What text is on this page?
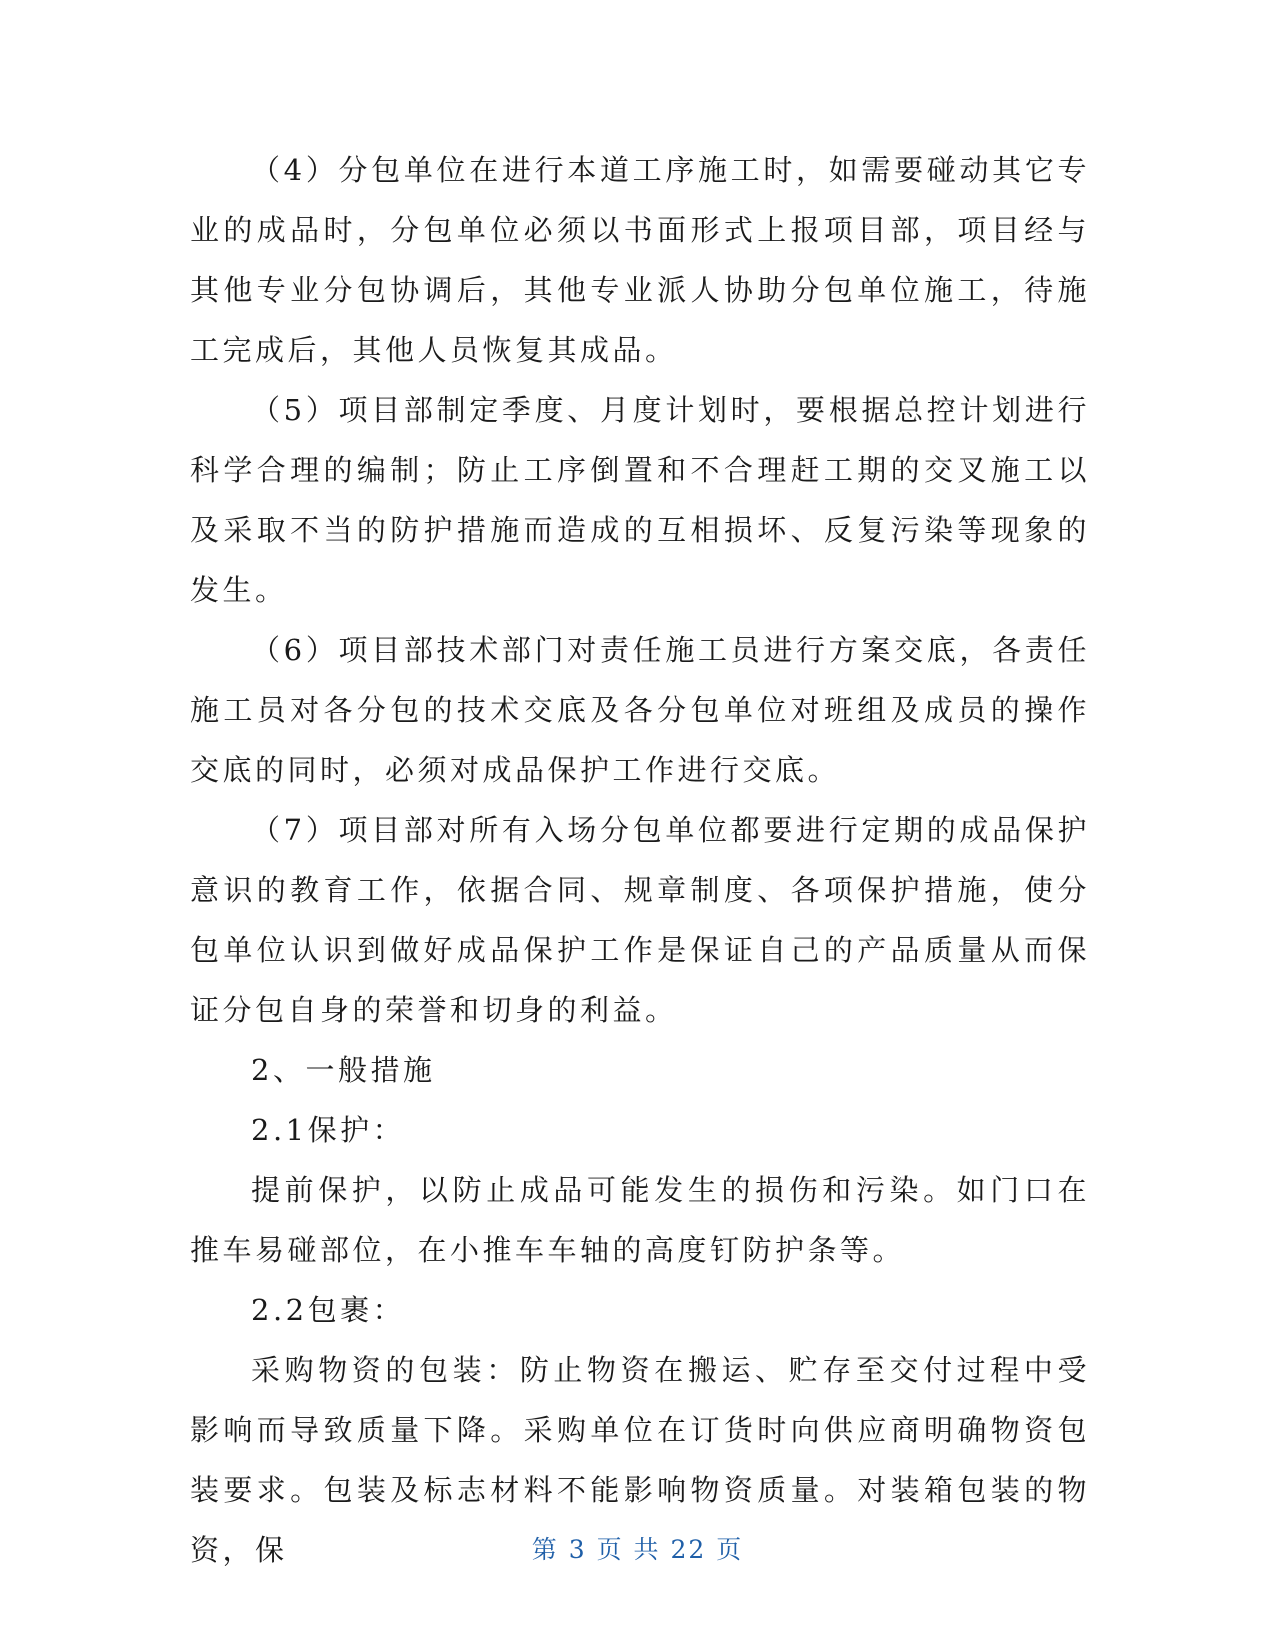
（4）分包单位在进行本道工序施工时，如需要碰动其它专业的成品时，分包单位必须以书面形式上报项目部，项目经与其他专业分包协调后，其他专业派人协助分包单位施工，待施工完成后，其他人员恢复其成品。

（5）项目部制定季度、月度计划时，要根据总控计划进行科学合理的编制；防止工序倒置和不合理赶工期的交叉施工以及采取不当的防护措施而造成的互相损坏、反复污染等现象的发生。

（6）项目部技术部门对责任施工员进行方案交底，各责任施工员对各分包的技术交底及各分包单位对班组及成员的操作交底的同时，必须对成品保护工作进行交底。

（7）项目部对所有入场分包单位都要进行定期的成品保护意识的教育工作，依据合同、规章制度、各项保护措施，使分包单位认识到做好成品保护工作是保证自己的产品质量从而保证分包自身的荣誉和切身的利益。

2、一般措施

2.1保护：

提前保护，以防止成品可能发生的损伤和污染。如门口在推车易碰部位，在小推车车轴的高度钉防护条等。

2.2包裹：

采购物资的包装：防止物资在搬运、贮存至交付过程中受影响而导致质量下降。采购单位在订货时向供应商明确物资包装要求。包装及标志材料不能影响物资质量。对装箱包装的物资，保	第 3 页 共 22 页
